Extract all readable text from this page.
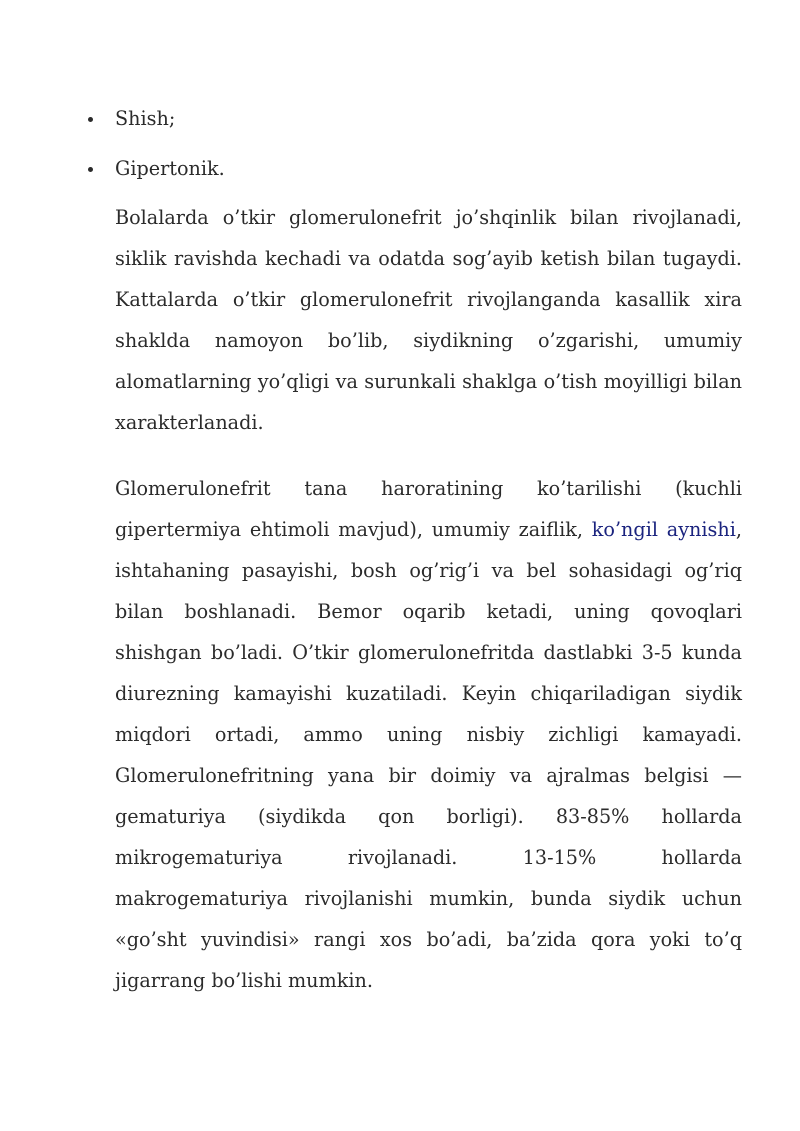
Shish;
Gipertonik.

Bolalarda o’tkir glomerulonefrit jo’shqinlik bilan rivojlanadi, siklik ravishda kechadi va odatda sog’ayib ketish bilan tugaydi. Kattalarda o’tkir glomerulonefrit rivojlanganda kasallik xira shaklda namoyon bo’lib, siydikning o’zgarishi, umumiy alomatlarning yo’qligi va surunkali shaklga o’tish moyilligi bilan xarakterlanadi.

Glomerulonefrit tana haroratining ko’tarilishi (kuchli gipertermiya ehtimoli mavjud), umumiy zaiflik, ko’ngil aynishi, ishtahaning pasayishi, bosh og’rig’i va bel sohasidagi og’riq bilan boshlanadi. Bemor oqarib ketadi, uning qovoqlari shishgan bo’ladi. O’tkir glomerulonefritda dastlabki 3-5 kunda diurezning kamayishi kuzatiladi. Keyin chiqariladigan siydik miqdori ortadi, ammo uning nisbiy zichligi kamayadi. Glomerulonefritning yana bir doimiy va ajralmas belgisi — gematuriya (siydikda qon borligi). 83-85% hollarda mikrogematuriya rivojlanadi. 13-15% hollarda makrogematuriya rivojlanishi mumkin, bunda siydik uchun «go’sht yuvindisi» rangi xos bo’adi, ba’zida qora yoki to’q jigarrang bo’lishi mumkin.
